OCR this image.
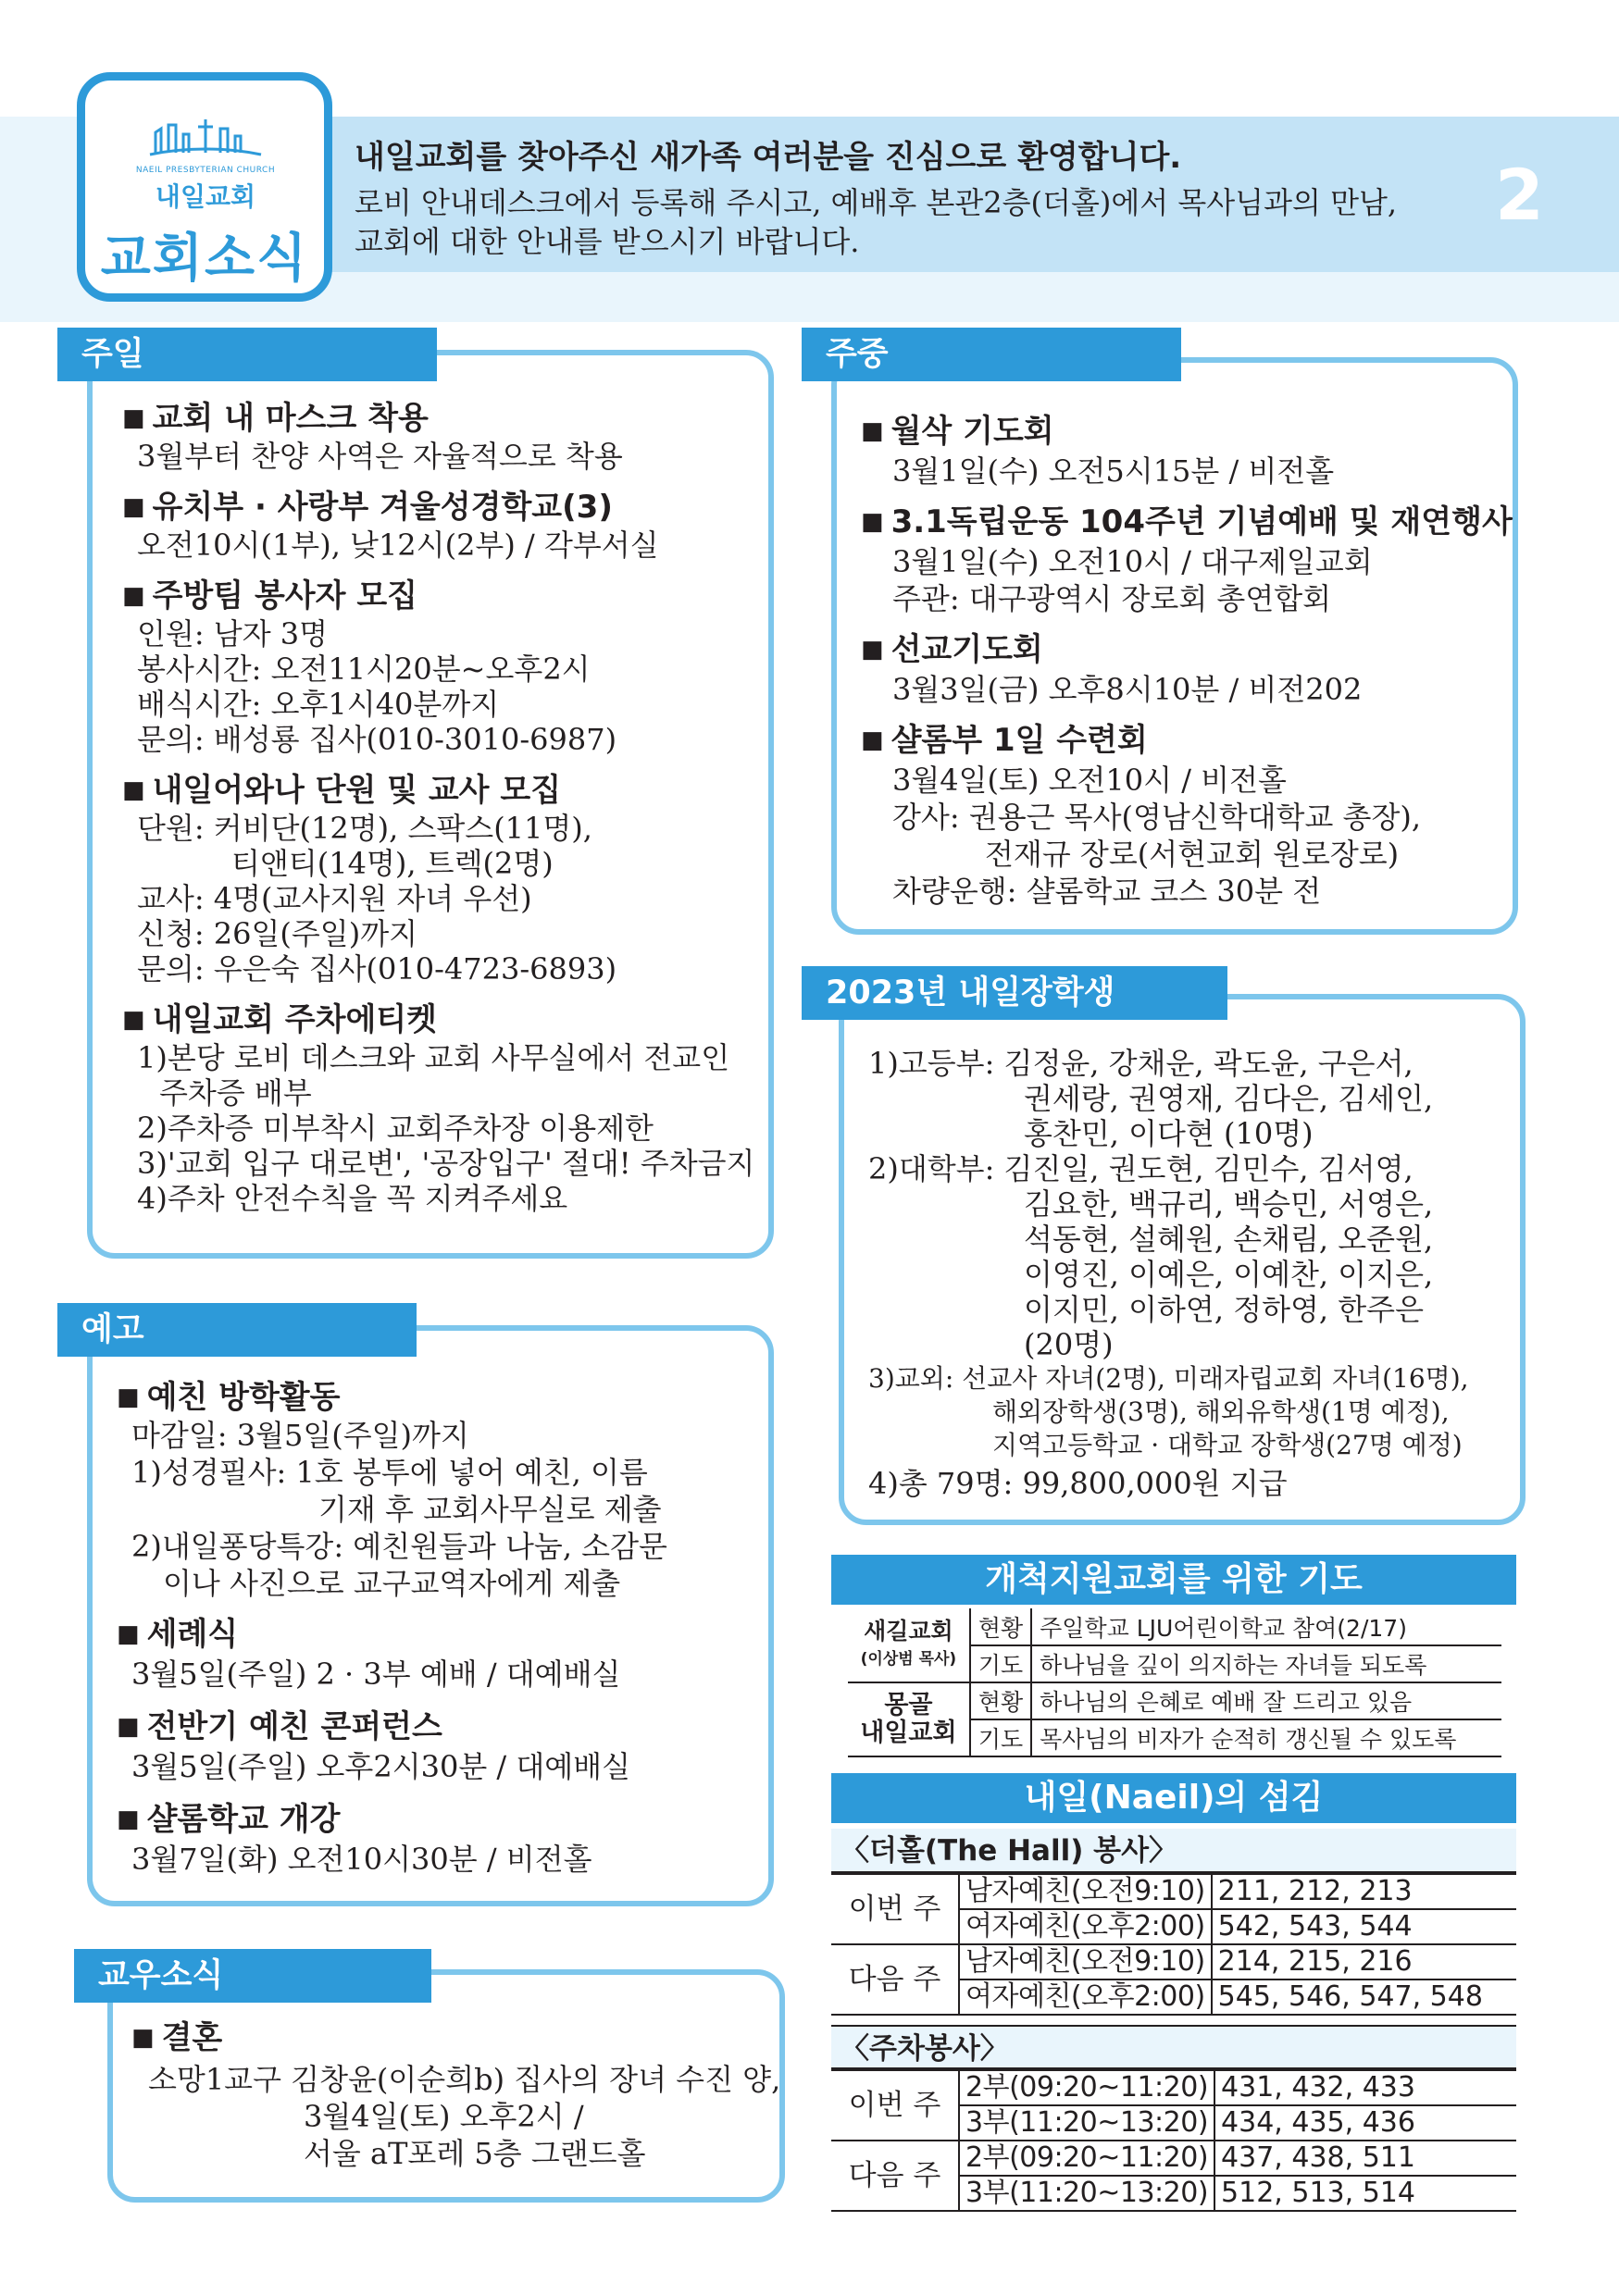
NAEIL PRESBYTERIAN CHURCH
내일교회
교회소식
내일교회를 찾아주신 새가족 여러분을 진심으로 환영합니다.
로비 안내데스크에서 등록해 주시고, 예배후 본관2층(더홀)에서 목사님과의 만남,
교회에 대한 안내를 받으시기 바랍니다.
2
■ 교회 내 마스크 착용
3월부터 찬양 사역은 자율적으로 착용
■ 유치부 · 사랑부 겨울성경학교(3)
오전10시(1부), 낮12시(2부) / 각부서실
■ 주방팀 봉사자 모집
인원: 남자 3명
봉사시간: 오전11시20분~오후2시
배식시간: 오후1시40분까지
문의: 배성룡 집사(010-3010-6987)
■ 내일어와나 단원 및 교사 모집
단원: 커비단(12명), 스팍스(11명),
티앤티(14명), 트렉(2명)
교사: 4명(교사지원 자녀 우선)
신청: 26일(주일)까지
문의: 우은숙 집사(010-4723-6893)
■ 내일교회 주차에티켓
1)본당 로비 데스크와 교회 사무실에서 전교인
주차증 배부
2)주차증 미부착시 교회주차장 이용제한
3)'교회 입구 대로변', '공장입구' 절대! 주차금지
4)주차 안전수칙을 꼭 지켜주세요
주일
■ 예친 방학활동
마감일: 3월5일(주일)까지
1)성경필사: 1호 봉투에 넣어 예친, 이름
기재 후 교회사무실로 제출
2)내일퐁당특강: 예친원들과 나눔, 소감문
이나 사진으로 교구교역자에게 제출
■ 세례식
3월5일(주일) 2 · 3부 예배 / 대예배실
■ 전반기 예친 콘퍼런스
3월5일(주일) 오후2시30분 / 대예배실
■ 샬롬학교 개강
3월7일(화) 오전10시30분 / 비전홀
예고
■ 결혼
소망1교구 김창윤(이순희b) 집사의 장녀 수진 양,
3월4일(토) 오후2시 /
서울 aT포레 5층 그랜드홀
교우소식
■ 월삭 기도회
3월1일(수) 오전5시15분 / 비전홀
■ 3.1독립운동 104주년 기념예배 및 재연행사
3월1일(수) 오전10시 / 대구제일교회
주관: 대구광역시 장로회 총연합회
■ 선교기도회
3월3일(금) 오후8시10분 / 비전202
■ 샬롬부 1일 수련회
3월4일(토) 오전10시 / 비전홀
강사: 권용근 목사(영남신학대학교 총장),
전재규 장로(서현교회 원로장로)
차량운행: 샬롬학교 코스 30분 전
주중
1)고등부: 김정윤, 강채운, 곽도윤, 구은서,
권세랑, 권영재, 김다은, 김세인,
홍찬민, 이다현 (10명)
2)대학부: 김진일, 권도현, 김민수, 김서영,
김요한, 백규리, 백승민, 서영은,
석동현, 설혜원, 손채림, 오준원,
이영진, 이예은, 이예찬, 이지은,
이지민, 이하연, 정하영, 한주은
(20명)
3)교외: 선교사 자녀(2명), 미래자립교회 자녀(16명),
해외장학생(3명), 해외유학생(1명 예정),
지역고등학교 · 대학교 장학생(27명 예정)
4)총 79명: 99,800,000원 지급
2023년 내일장학생
개척지원교회를 위한 기도
새길교회
(이상범 목사)	현황	주일학교 LJU어린이학교 참여(2/17)
	기도	하나님을 깊이 의지하는 자녀들 되도록
몽골
내일교회	현황	하나님의 은혜로 예배 잘 드리고 있음
	기도	목사님의 비자가 순적히 갱신될 수 있도록
내일(Naeil)의 섬김
〈더홀(The Hall) 봉사〉
이번 주	남자예친(오전9:10)	211, 212, 213
	여자예친(오후2:00)	542, 543, 544
다음 주	남자예친(오전9:10)	214, 215, 216
	여자예친(오후2:00)	545, 546, 547, 548
〈주차봉사〉
이번 주	2부(09:20~11:20)	431, 432, 433
	3부(11:20~13:20)	434, 435, 436
다음 주	2부(09:20~11:20)	437, 438, 511
	3부(11:20~13:20)	512, 513, 514
